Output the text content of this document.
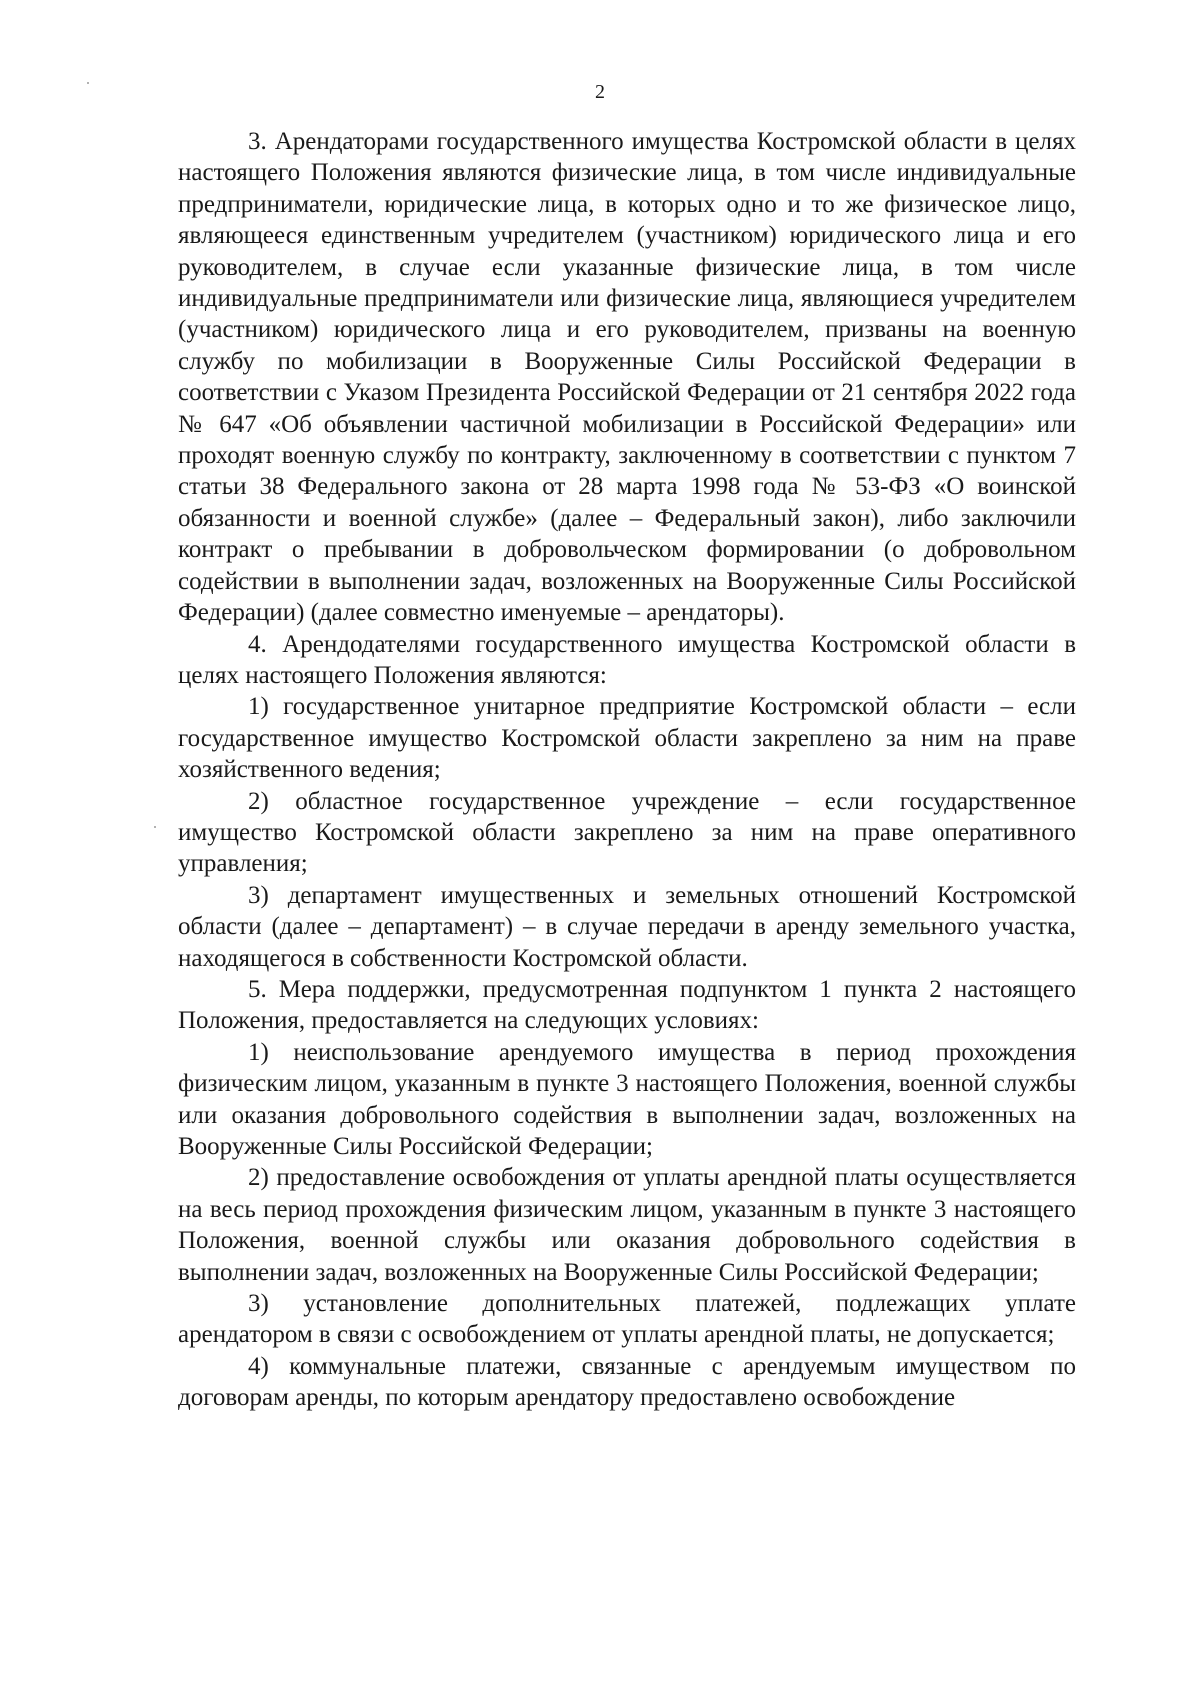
2

3. Арендаторами государственного имущества Костромской области в целях настоящего Положения являются физические лица, в том числе индивидуальные предприниматели, юридические лица, в которых одно и то же физическое лицо, являющееся единственным учредителем (участником) юридического лица и его руководителем, в случае если указанные физические лица, в том числе индивидуальные предприниматели или физические лица, являющиеся учредителем (участником) юридического лица и его руководителем, призваны на военную службу по мобилизации в Вооруженные Силы Российской Федерации в соответствии с Указом Президента Российской Федерации от 21 сентября 2022 года № 647 «Об объявлении частичной мобилизации в Российской Федерации» или проходят военную службу по контракту, заключенному в соответствии с пунктом 7 статьи 38 Федерального закона от 28 марта 1998 года № 53-ФЗ «О воинской обязанности и военной службе» (далее – Федеральный закон), либо заключили контракт о пребывании в добровольческом формировании (о добровольном содействии в выполнении задач, возложенных на Вооруженные Силы Российской Федерации) (далее совместно именуемые – арендаторы).

4. Арендодателями государственного имущества Костромской области в целях настоящего Положения являются:

1) государственное унитарное предприятие Костромской области – если государственное имущество Костромской области закреплено за ним на праве хозяйственного ведения;

2) областное государственное учреждение – если государственное имущество Костромской области закреплено за ним на праве оперативного управления;

3) департамент имущественных и земельных отношений Костромской области (далее – департамент) – в случае передачи в аренду земельного участка, находящегося в собственности Костромской области.

5. Мера поддержки, предусмотренная подпунктом 1 пункта 2 настоящего Положения, предоставляется на следующих условиях:

1) неиспользование арендуемого имущества в период прохождения физическим лицом, указанным в пункте 3 настоящего Положения, военной службы или оказания добровольного содействия в выполнении задач, возложенных на Вооруженные Силы Российской Федерации;

2) предоставление освобождения от уплаты арендной платы осуществляется на весь период прохождения физическим лицом, указанным в пункте 3 настоящего Положения, военной службы или оказания добровольного содействия в выполнении задач, возложенных на Вооруженные Силы Российской Федерации;

3) установление дополнительных платежей, подлежащих уплате арендатором в связи с освобождением от уплаты арендной платы, не допускается;

4) коммунальные платежи, связанные с арендуемым имуществом по договорам аренды, по которым арендатору предоставлено освобождение
